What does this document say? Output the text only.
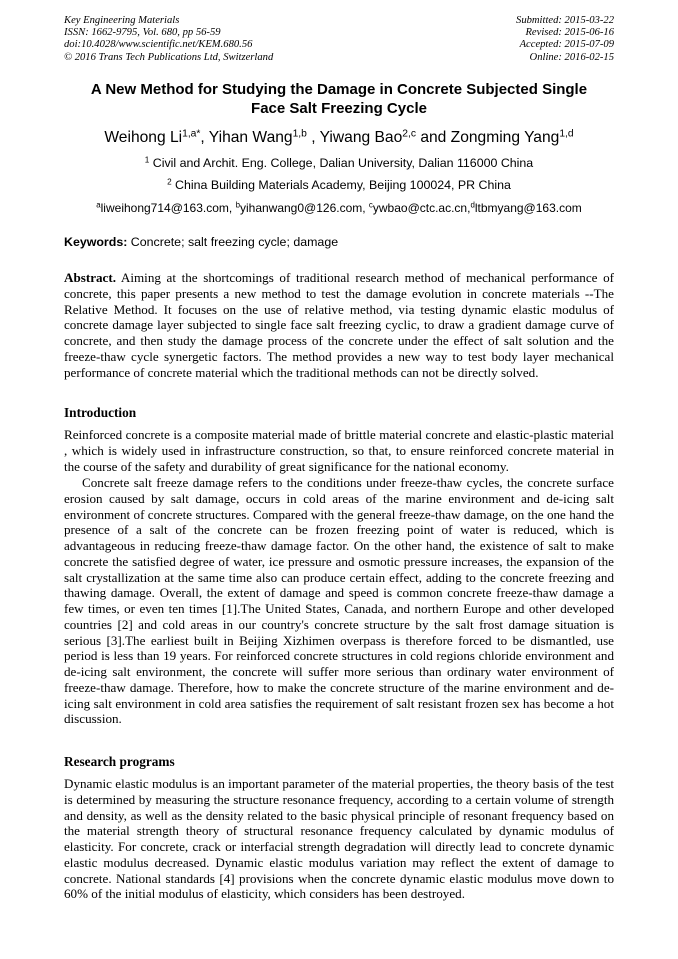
Key Engineering Materials
ISSN: 1662-9795, Vol. 680, pp 56-59
doi:10.4028/www.scientific.net/KEM.680.56
© 2016 Trans Tech Publications Ltd, Switzerland
Submitted: 2015-03-22
Revised: 2015-06-16
Accepted: 2015-07-09
Online: 2016-02-15
A New Method for Studying the Damage in Concrete Subjected Single
Face Salt Freezing Cycle
Weihong $Li^{1,a*}$, Yihan Wang$^{1,b}$ , Yiwang Bao$^{2,c}$ and Zongming Yang$^{1,d}$
$^1$ Civil and Archit. Eng. College, Dalian University, Dalian 116000 China
$^2$ China Building Materials Academy, Beijing 100024, PR China
$^a$liweihong714@163.com, $^b$yihanwang0@126.com, $^c$ywbao@ctc.ac.cn,$^d$ltbmyang@163.com
Keywords: Concrete; salt freezing cycle; damage

Abstract. Aiming at the shortcomings of traditional research method of mechanical performance of concrete, this paper presents a new method to test the damage evolution in concrete materials --The Relative Method. It focuses on the use of relative method, via testing dynamic elastic modulus of concrete damage layer subjected to single face salt freezing cyclic, to draw a gradient damage curve of concrete, and then study the damage process of the concrete under the effect of salt solution and the freeze-thaw cycle synergetic factors. The method provides a new way to test body layer mechanical performance of concrete material which the traditional methods can not be directly solved.

Introduction

Reinforced concrete is a composite material made of brittle material concrete and elastic-plastic material , which is widely used in infrastructure construction, so that, to ensure reinforced concrete material in the course of the safety and durability of great significance for the national economy.

Concrete salt freeze damage refers to the conditions under freeze-thaw cycles, the concrete surface erosion caused by salt damage, occurs in cold areas of the marine environment and de-icing salt environment of concrete structures. Compared with the general freeze-thaw damage, on the one hand the presence of a salt of the concrete can be frozen freezing point of water is reduced, which is advantageous in reducing freeze-thaw damage factor. On the other hand, the existence of salt to make concrete the satisfied degree of water, ice pressure and osmotic pressure increases, the expansion of the salt crystallization at the same time also can produce certain effect, adding to the concrete freezing and thawing damage. Overall, the extent of damage and speed is common concrete freeze-thaw damage a few times, or even ten times [1].The United States, Canada, and northern Europe and other developed countries [2] and cold areas in our country's concrete structure by the salt frost damage situation is serious [3].The earliest built in Beijing Xizhimen overpass is therefore forced to be dismantled, use period is less than 19 years. For reinforced concrete structures in cold regions chloride environment and de-icing salt environment, the concrete will suffer more serious than ordinary water environment of freeze-thaw damage. Therefore, how to make the concrete structure of the marine environment and de-icing salt environment in cold area satisfies the requirement of salt resistant frozen sex has become a hot discussion.

Research programs

Dynamic elastic modulus is an important parameter of the material properties, the theory basis of the test is determined by measuring the structure resonance frequency, according to a certain volume of strength and density, as well as the density related to the basic physical principle of resonant frequency based on the material strength theory of structural resonance frequency calculated by dynamic modulus of elasticity. For concrete, crack or interfacial strength degradation will directly lead to concrete dynamic elastic modulus decreased. Dynamic elastic modulus variation may reflect the extent of damage to concrete. National standards [4] provisions when the concrete dynamic elastic modulus move down to 60% of the initial modulus of elasticity, which considers has been destroyed.
